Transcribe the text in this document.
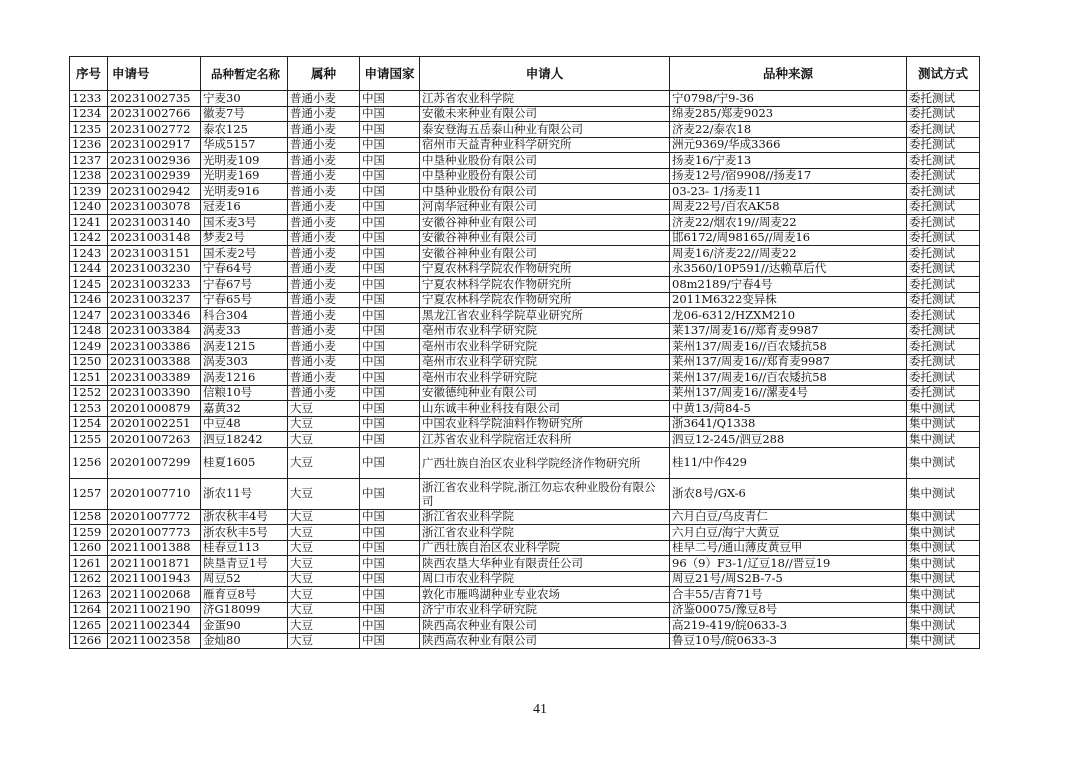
序号	申请号	品种暂定名称	属种	申请国家	申请人	品种来源	测试方式
1233	20231002735	宁麦30	普通小麦	中国	江苏省农业科学院	宁0798/宁9-36	委托测试
1234	20231002766	徽麦7号	普通小麦	中国	安徽未来种业有限公司	绵麦285/郑麦9023	委托测试
1235	20231002772	泰农125	普通小麦	中国	泰安登海五岳泰山种业有限公司	济麦22/泰农18	委托测试
1236	20231002917	华成5157	普通小麦	中国	宿州市天益青种业科学研究所	洲元9369/华成3366	委托测试
1237	20231002936	光明麦109	普通小麦	中国	中垦种业股份有限公司	扬麦16/宁麦13	委托测试
1238	20231002939	光明麦169	普通小麦	中国	中垦种业股份有限公司	扬麦12号/宿9908//扬麦17	委托测试
1239	20231002942	光明麦916	普通小麦	中国	中垦种业股份有限公司	03-23- 1/扬麦11	委托测试
1240	20231003078	冠麦16	普通小麦	中国	河南华冠种业有限公司	周麦22号/百农AK58	委托测试
1241	20231003140	国禾麦3号	普通小麦	中国	安徽谷神种业有限公司	济麦22/烟农19//周麦22	委托测试
1242	20231003148	梦麦2号	普通小麦	中国	安徽谷神种业有限公司	邯6172/周98165//周麦16	委托测试
1243	20231003151	国禾麦2号	普通小麦	中国	安徽谷神种业有限公司	周麦16/济麦22//周麦22	委托测试
1244	20231003230	宁春64号	普通小麦	中国	宁夏农林科学院农作物研究所	永3560/10P591//达赖草后代	委托测试
1245	20231003233	宁春67号	普通小麦	中国	宁夏农林科学院农作物研究所	08m2189/宁春4号	委托测试
1246	20231003237	宁春65号	普通小麦	中国	宁夏农林科学院农作物研究所	2011M6322变异株	委托测试
1247	20231003346	科合304	普通小麦	中国	黑龙江省农业科学院草业研究所	龙06-6312/HZXM210	委托测试
1248	20231003384	涡麦33	普通小麦	中国	亳州市农业科学研究院	莱137/周麦16//郑育麦9987	委托测试
1249	20231003386	涡麦1215	普通小麦	中国	亳州市农业科学研究院	莱州137/周麦16//百农矮抗58	委托测试
1250	20231003388	涡麦303	普通小麦	中国	亳州市农业科学研究院	莱州137/周麦16//郑育麦9987	委托测试
1251	20231003389	涡麦1216	普通小麦	中国	亳州市农业科学研究院	莱州137/周麦16//百农矮抗58	委托测试
1252	20231003390	信粮10号	普通小麦	中国	安徽德纯种业有限公司	莱州137/周麦16//漯麦4号	委托测试
1253	20201000879	嘉黄32	大豆	中国	山东诚丰种业科技有限公司	中黄13/菏84-5	集中测试
1254	20201002251	中豆48	大豆	中国	中国农业科学院油料作物研究所	浙3641/Q1338	集中测试
1255	20201007263	泗豆18242	大豆	中国	江苏省农业科学院宿迁农科所	泗豆12-245/泗豆288	集中测试
1256	20201007299	桂夏1605	大豆	中国	广西壮族自治区农业科学院经济作物研究所	桂11/中作429	集中测试
1257	20201007710	浙农11号	大豆	中国	浙江省农业科学院,浙江勿忘农种业股份有限公司	浙农8号/GX-6	集中测试
1258	20201007772	浙农秋丰4号	大豆	中国	浙江省农业科学院	六月白豆/乌皮青仁	集中测试
1259	20201007773	浙农秋丰5号	大豆	中国	浙江省农业科学院	六月白豆/海宁大黄豆	集中测试
1260	20211001388	桂春豆113	大豆	中国	广西壮族自治区农业科学院	桂早二号/通山薄皮黄豆甲	集中测试
1261	20211001871	陕垦青豆1号	大豆	中国	陕西农垦大华种业有限责任公司	96（9）F3-1/辽豆18//晋豆19	集中测试
1262	20211001943	周豆52	大豆	中国	周口市农业科学院	周豆21号/周S2B-7-5	集中测试
1263	20211002068	雁育豆8号	大豆	中国	敦化市雁鸣湖种业专业农场	合丰55/吉育71号	集中测试
1264	20211002190	济G18099	大豆	中国	济宁市农业科学研究院	济鉴00075/豫豆8号	集中测试
1265	20211002344	金蛋90	大豆	中国	陕西高农种业有限公司	高219-419/皖0633-3	集中测试
1266	20211002358	金灿80	大豆	中国	陕西高农种业有限公司	鲁豆10号/皖0633-3	集中测试
41
